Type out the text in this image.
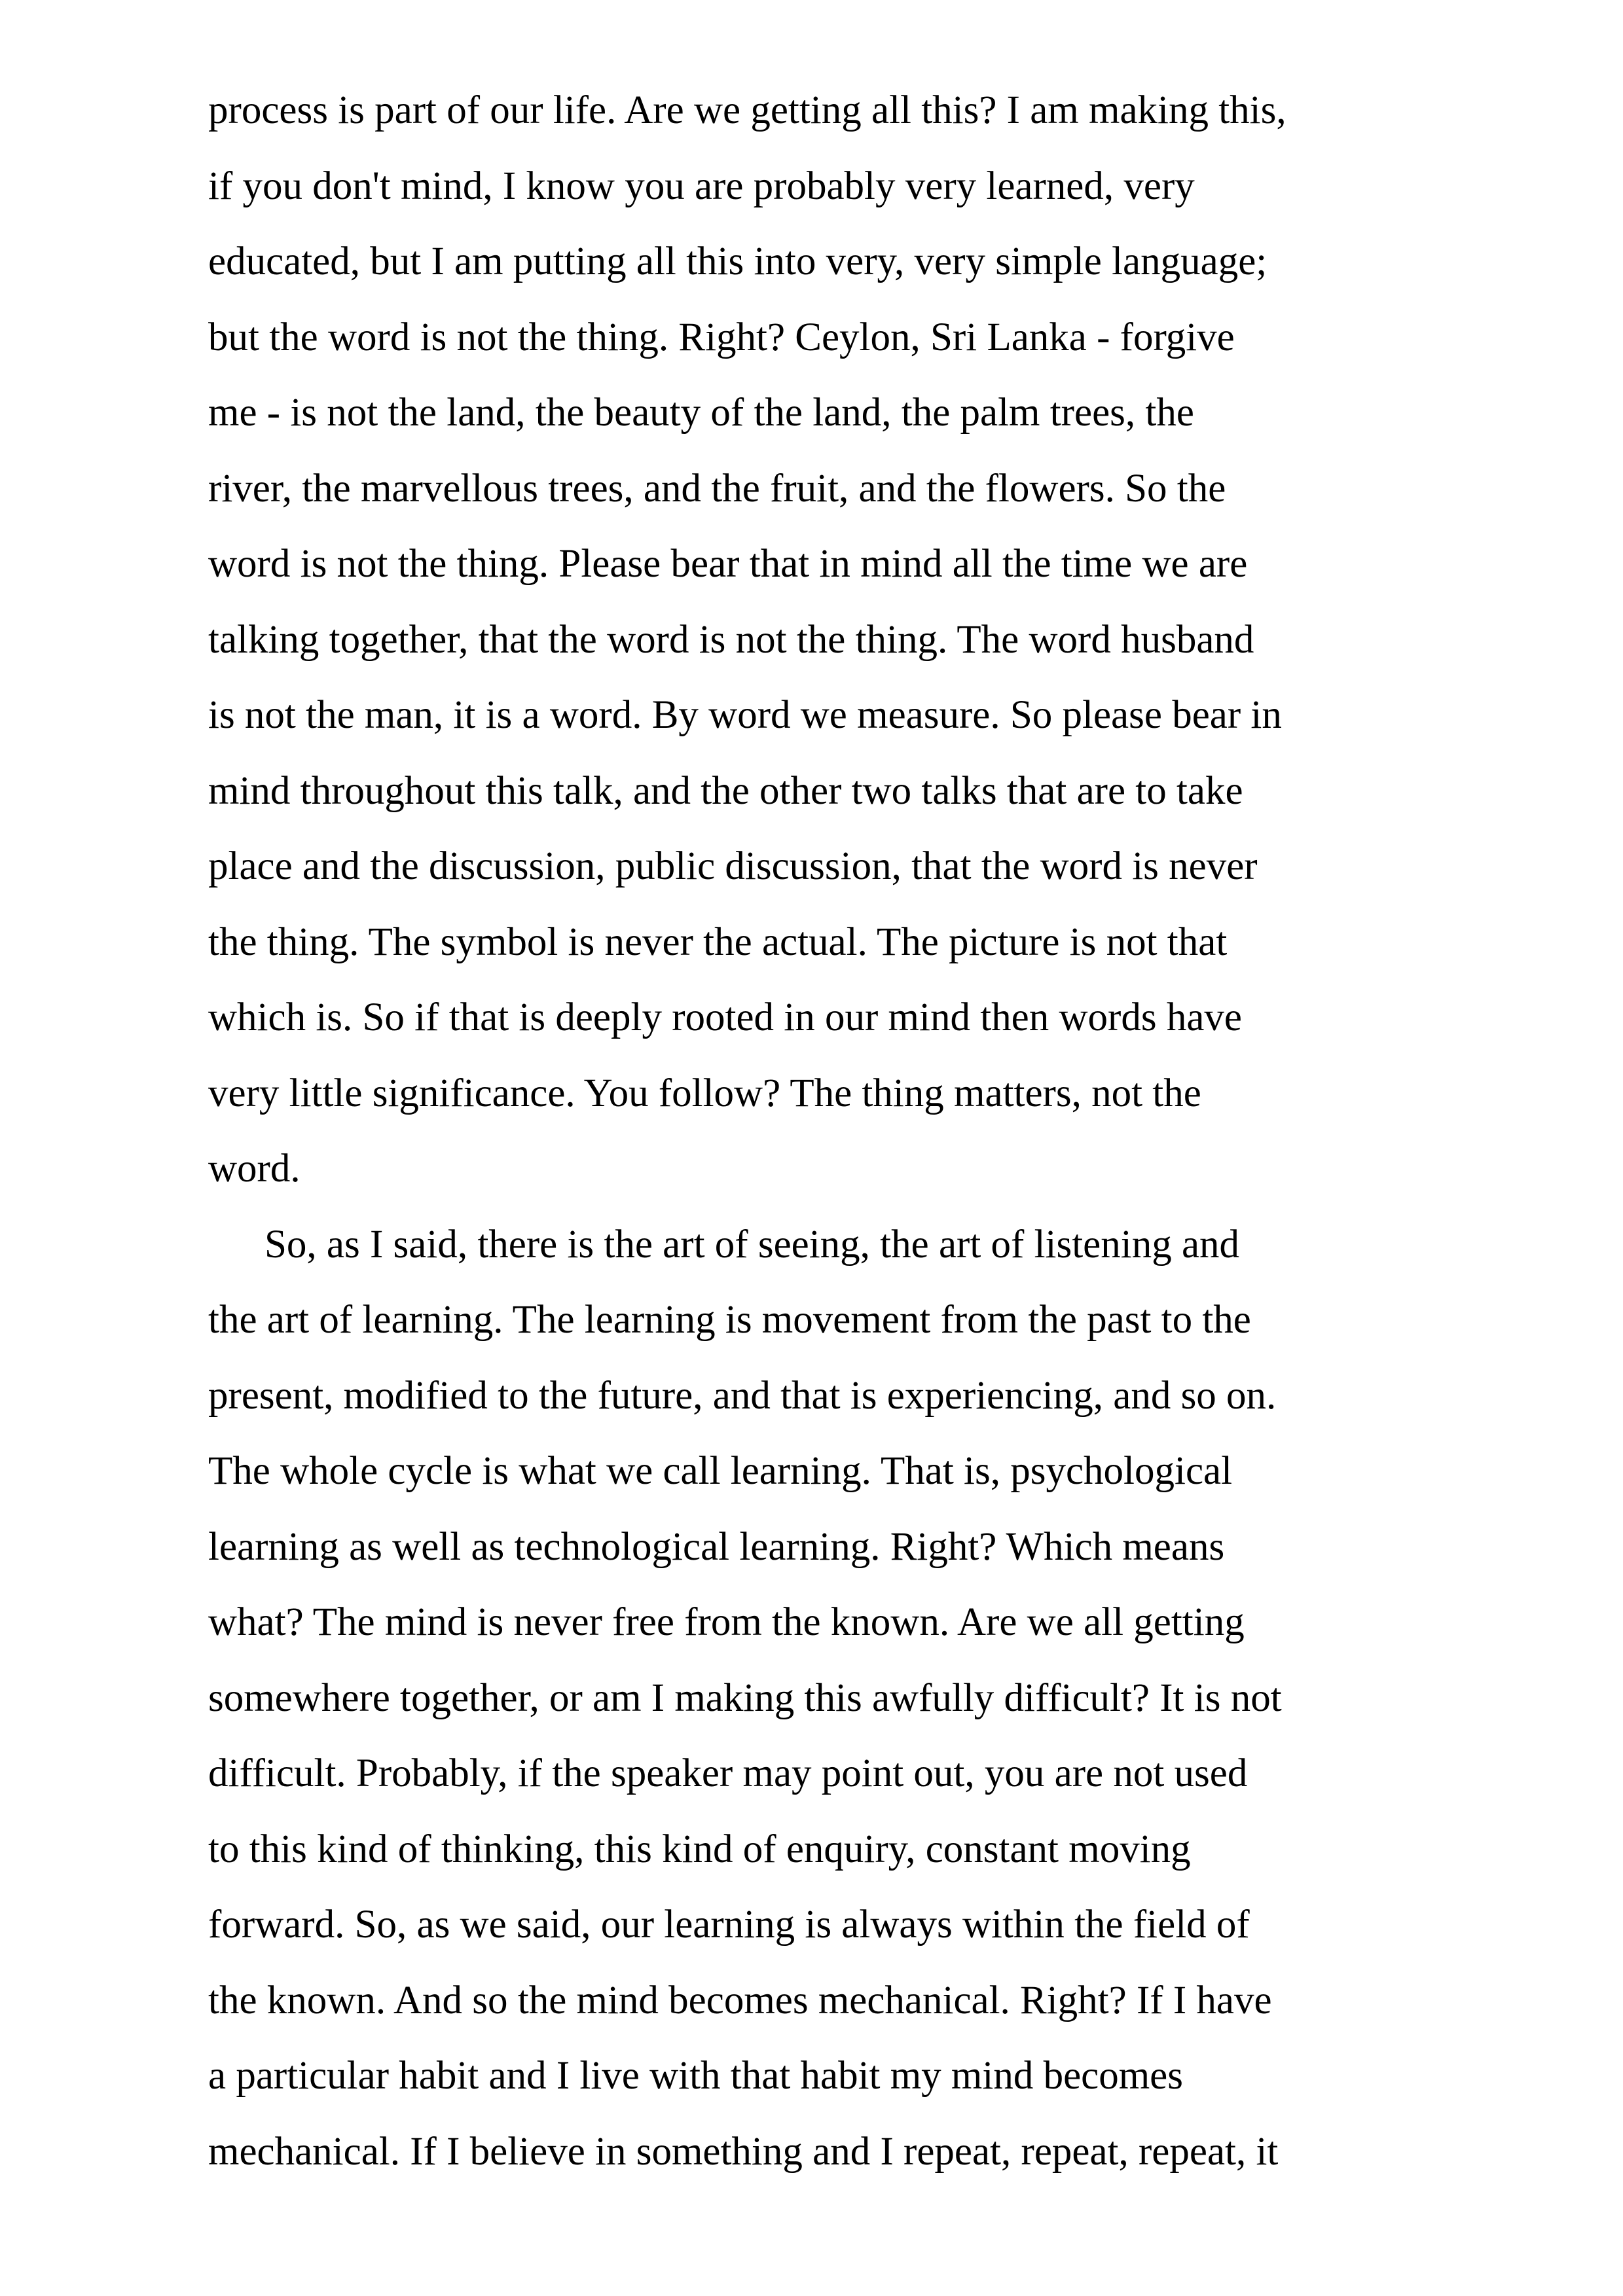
process is part of our life. Are we getting all this? I am making this,
if you don't mind, I know you are probably very learned, very
educated, but I am putting all this into very, very simple language;
but the word is not the thing. Right? Ceylon, Sri Lanka - forgive
me - is not the land, the beauty of the land, the palm trees, the
river, the marvellous trees, and the fruit, and the flowers. So the
word is not the thing. Please bear that in mind all the time we are
talking together, that the word is not the thing. The word husband
is not the man, it is a word. By word we measure. So please bear in
mind throughout this talk, and the other two talks that are to take
place and the discussion, public discussion, that the word is never
the thing. The symbol is never the actual. The picture is not that
which is. So if that is deeply rooted in our mind then words have
very little significance. You follow? The thing matters, not the
word.
So, as I said, there is the art of seeing, the art of listening and
the art of learning. The learning is movement from the past to the
present, modified to the future, and that is experiencing, and so on.
The whole cycle is what we call learning. That is, psychological
learning as well as technological learning. Right? Which means
what? The mind is never free from the known. Are we all getting
somewhere together, or am I making this awfully difficult? It is not
difficult. Probably, if the speaker may point out, you are not used
to this kind of thinking, this kind of enquiry, constant moving
forward. So, as we said, our learning is always within the field of
the known. And so the mind becomes mechanical. Right? If I have
a particular habit and I live with that habit my mind becomes
mechanical. If I believe in something and I repeat, repeat, repeat, it
